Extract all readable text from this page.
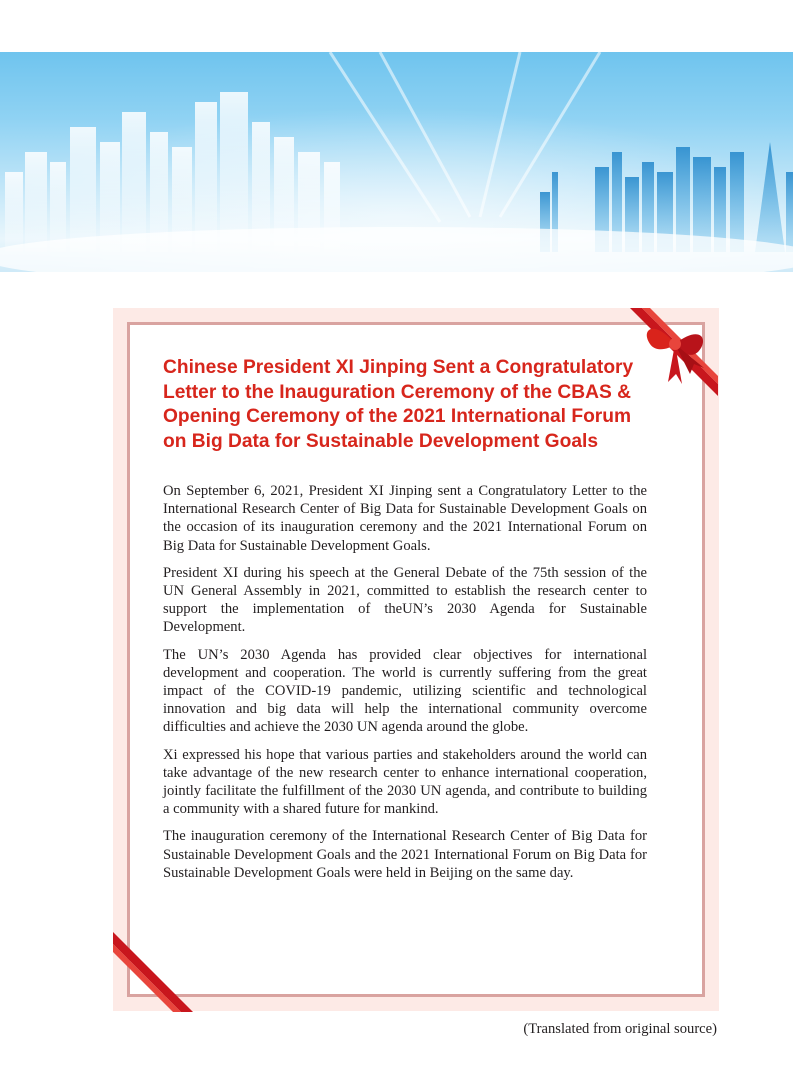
Chinese President XI Jinping Sent a Congratulatory Letter to the Inauguration Ceremony of the CBAS & Opening Ceremony of the 2021 International Forum on Big Data for Sustainable Development Goals

On September 6, 2021, President XI Jinping sent a Congratulatory Letter to the International Research Center of Big Data for Sustainable Development Goals on the occasion of its inauguration ceremony and the 2021 International Forum on Big Data for Sustainable Development Goals.

President XI during his speech at the General Debate of the 75th session of the UN General Assembly in 2021, committed to establish the research center to support the implementation of theUN’s 2030 Agenda for Sustainable Development.

The UN’s 2030 Agenda has provided clear objectives for international development and cooperation. The world is currently suffering from the great impact of the COVID-19 pandemic, utilizing scientific and technological innovation and big data will help the international community overcome difficulties and achieve the 2030 UN agenda around the globe.

Xi expressed his hope that various parties and stakeholders around the world can take advantage of the new research center to enhance international cooperation, jointly facilitate the fulfillment of the 2030 UN agenda, and contribute to building a community with a shared future for mankind.

The inauguration ceremony of the International Research Center of Big Data for Sustainable Development Goals and the 2021 International Forum on Big Data for Sustainable Development Goals were held in Beijing on the same day.

(Translated from original source)
